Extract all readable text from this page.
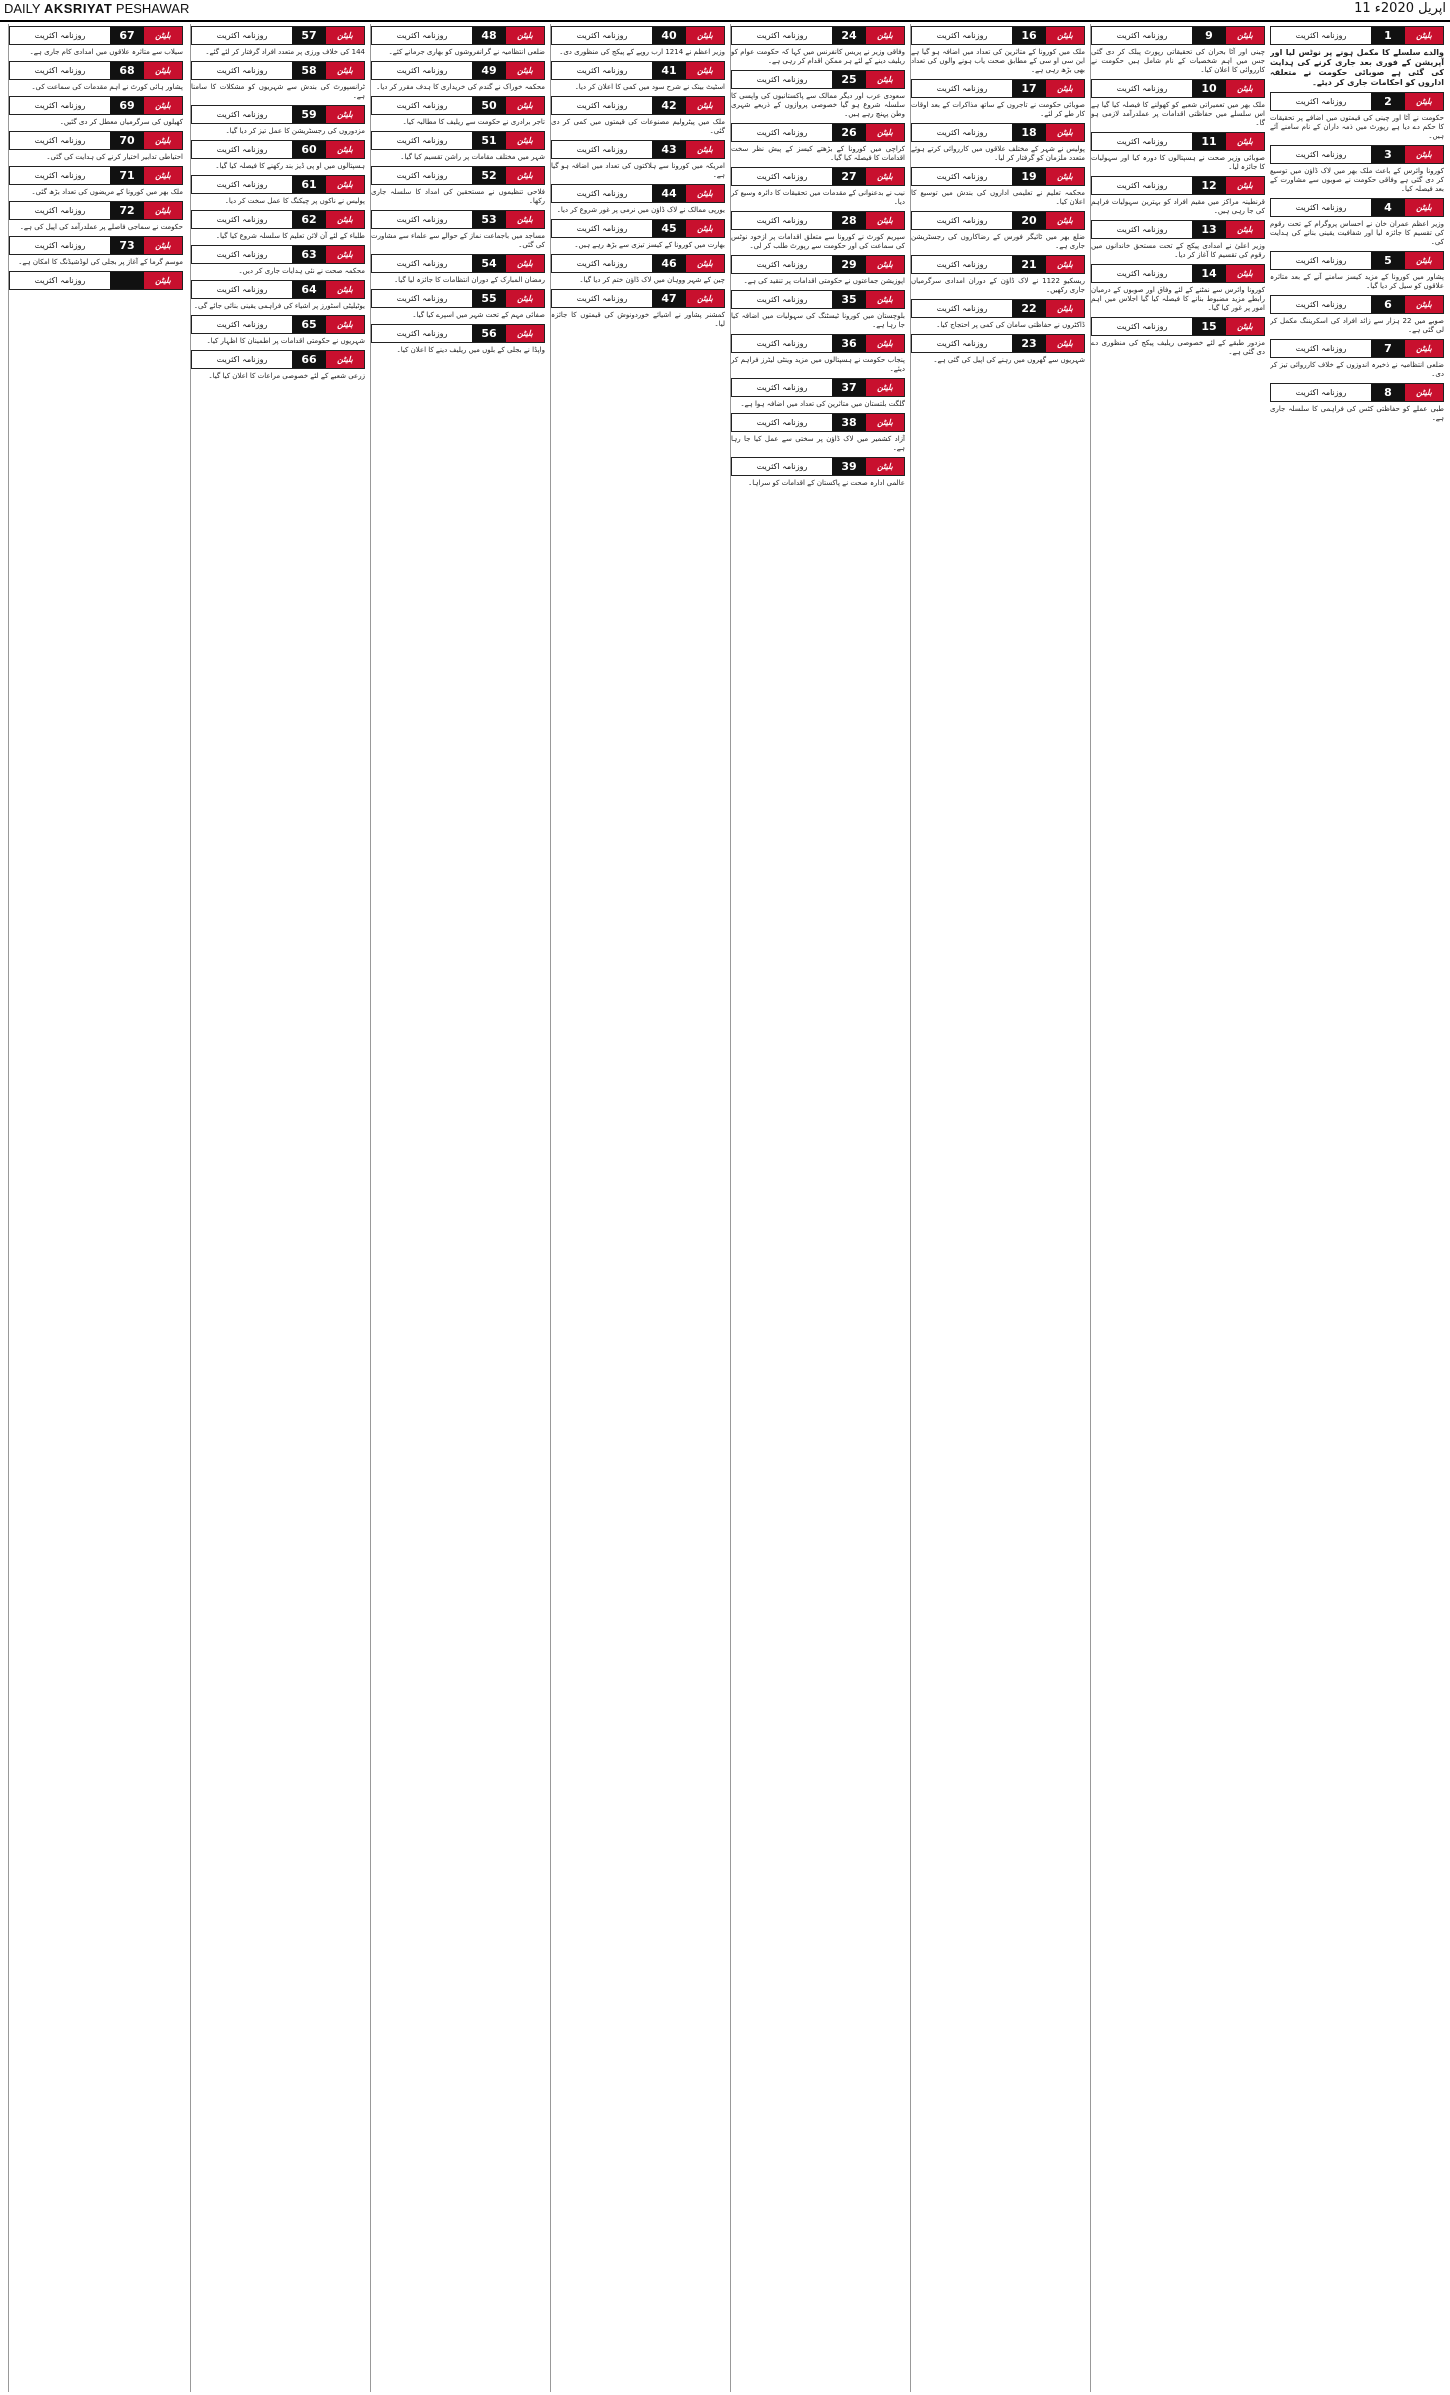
DAILY AKSRIYAT PESHAWAR	11 اپریل 2020ء
بلیٹن
1
روزنامہ اکثریت
والدے سلسلے کا مکمل ہونے پر نوٹس لیا اور آپریشن کے فوری بعد جاری کرنے کی ہدایت کی گئی ہے صوبائی حکومت نے متعلقہ اداروں کو احکامات جاری کر دیئے۔
بلیٹن
2
روزنامہ اکثریت
حکومت نے آٹا اور چینی کی قیمتوں میں اضافے پر تحقیقات کا حکم دے دیا ہے رپورٹ میں ذمہ داران کے نام سامنے آئے ہیں۔
بلیٹن
3
روزنامہ اکثریت
کورونا وائرس کے باعث ملک بھر میں لاک ڈاؤن میں توسیع کر دی گئی ہے وفاقی حکومت نے صوبوں سے مشاورت کے بعد فیصلہ کیا۔
بلیٹن
4
روزنامہ اکثریت
وزیر اعظم عمران خان نے احساس پروگرام کے تحت رقوم کی تقسیم کا جائزہ لیا اور شفافیت یقینی بنانے کی ہدایت کی۔
بلیٹن
5
روزنامہ اکثریت
پشاور میں کورونا کے مزید کیسز سامنے آنے کے بعد متاثرہ علاقوں کو سیل کر دیا گیا۔
بلیٹن
6
روزنامہ اکثریت
صوبے میں 22 ہزار سے زائد افراد کی اسکریننگ مکمل کر لی گئی ہے۔
بلیٹن
7
روزنامہ اکثریت
ضلعی انتظامیہ نے ذخیرہ اندوزوں کے خلاف کارروائی تیز کر دی۔
بلیٹن
8
روزنامہ اکثریت
طبی عملے کو حفاظتی کٹس کی فراہمی کا سلسلہ جاری ہے۔
بلیٹن
9
روزنامہ اکثریت
چینی اور آٹا بحران کی تحقیقاتی رپورٹ پبلک کر دی گئی جس میں اہم شخصیات کے نام شامل ہیں حکومت نے کارروائی کا اعلان کیا۔
بلیٹن
10
روزنامہ اکثریت
ملک بھر میں تعمیراتی شعبے کو کھولنے کا فیصلہ کیا گیا ہے اس سلسلے میں حفاظتی اقدامات پر عملدرآمد لازمی ہو گا۔
بلیٹن
11
روزنامہ اکثریت
صوبائی وزیر صحت نے ہسپتالوں کا دورہ کیا اور سہولیات کا جائزہ لیا۔
بلیٹن
12
روزنامہ اکثریت
قرنطینہ مراکز میں مقیم افراد کو بہترین سہولیات فراہم کی جا رہی ہیں۔
بلیٹن
13
روزنامہ اکثریت
وزیر اعلیٰ نے امدادی پیکج کے تحت مستحق خاندانوں میں رقوم کی تقسیم کا آغاز کر دیا۔
بلیٹن
14
روزنامہ اکثریت
کورونا وائرس سے نمٹنے کے لئے وفاق اور صوبوں کے درمیان رابطے مزید مضبوط بنانے کا فیصلہ کیا گیا اجلاس میں اہم امور پر غور کیا گیا۔
بلیٹن
15
روزنامہ اکثریت
مزدور طبقے کے لئے خصوصی ریلیف پیکج کی منظوری دے دی گئی ہے۔
بلیٹن
16
روزنامہ اکثریت
ملک میں کورونا کے متاثرین کی تعداد میں اضافہ ہو گیا ہے این سی او سی کے مطابق صحت یاب ہونے والوں کی تعداد بھی بڑھ رہی ہے۔
بلیٹن
17
روزنامہ اکثریت
صوبائی حکومت نے تاجروں کے ساتھ مذاکرات کے بعد اوقات کار طے کر لئے۔
بلیٹن
18
روزنامہ اکثریت
پولیس نے شہر کے مختلف علاقوں میں کارروائی کرتے ہوئے متعدد ملزمان کو گرفتار کر لیا۔
بلیٹن
19
روزنامہ اکثریت
محکمہ تعلیم نے تعلیمی اداروں کی بندش میں توسیع کا اعلان کیا۔
بلیٹن
20
روزنامہ اکثریت
ضلع بھر میں ٹائیگر فورس کے رضاکاروں کی رجسٹریشن جاری ہے۔
بلیٹن
21
روزنامہ اکثریت
ریسکیو 1122 نے لاک ڈاؤن کے دوران امدادی سرگرمیاں جاری رکھیں۔
بلیٹن
22
روزنامہ اکثریت
ڈاکٹروں نے حفاظتی سامان کی کمی پر احتجاج کیا۔
بلیٹن
23
روزنامہ اکثریت
شہریوں سے گھروں میں رہنے کی اپیل کی گئی ہے۔
بلیٹن
24
روزنامہ اکثریت
وفاقی وزیر نے پریس کانفرنس میں کہا کہ حکومت عوام کو ریلیف دینے کے لئے ہر ممکن اقدام کر رہی ہے۔
بلیٹن
25
روزنامہ اکثریت
سعودی عرب اور دیگر ممالک سے پاکستانیوں کی واپسی کا سلسلہ شروع ہو گیا خصوصی پروازوں کے ذریعے شہری وطن پہنچ رہے ہیں۔
بلیٹن
26
روزنامہ اکثریت
کراچی میں کورونا کے بڑھتے کیسز کے پیش نظر سخت اقدامات کا فیصلہ کیا گیا۔
بلیٹن
27
روزنامہ اکثریت
نیب نے بدعنوانی کے مقدمات میں تحقیقات کا دائرہ وسیع کر دیا۔
بلیٹن
28
روزنامہ اکثریت
سپریم کورٹ نے کورونا سے متعلق اقدامات پر ازخود نوٹس کی سماعت کی اور حکومت سے رپورٹ طلب کر لی۔
بلیٹن
29
روزنامہ اکثریت
اپوزیشن جماعتوں نے حکومتی اقدامات پر تنقید کی ہے۔
بلیٹن
35
روزنامہ اکثریت
بلوچستان میں کورونا ٹیسٹنگ کی سہولیات میں اضافہ کیا جا رہا ہے۔
بلیٹن
36
روزنامہ اکثریت
پنجاب حکومت نے ہسپتالوں میں مزید وینٹی لیٹرز فراہم کر دیئے۔
بلیٹن
37
روزنامہ اکثریت
گلگت بلتستان میں متاثرین کی تعداد میں اضافہ ہوا ہے۔
بلیٹن
38
روزنامہ اکثریت
آزاد کشمیر میں لاک ڈاؤن پر سختی سے عمل کیا جا رہا ہے۔
بلیٹن
39
روزنامہ اکثریت
عالمی ادارہ صحت نے پاکستان کے اقدامات کو سراہا۔
بلیٹن
40
روزنامہ اکثریت
وزیر اعظم نے 1214 ارب روپے کے پیکج کی منظوری دی۔
بلیٹن
41
روزنامہ اکثریت
اسٹیٹ بینک نے شرح سود میں کمی کا اعلان کر دیا۔
بلیٹن
42
روزنامہ اکثریت
ملک میں پیٹرولیم مصنوعات کی قیمتوں میں کمی کر دی گئی۔
بلیٹن
43
روزنامہ اکثریت
امریکہ میں کورونا سے ہلاکتوں کی تعداد میں اضافہ ہو گیا ہے۔
بلیٹن
44
روزنامہ اکثریت
یورپی ممالک نے لاک ڈاؤن میں نرمی پر غور شروع کر دیا۔
بلیٹن
45
روزنامہ اکثریت
بھارت میں کورونا کے کیسز تیزی سے بڑھ رہے ہیں۔
بلیٹن
46
روزنامہ اکثریت
چین کے شہر ووہان میں لاک ڈاؤن ختم کر دیا گیا۔
بلیٹن
47
روزنامہ اکثریت
کمشنر پشاور نے اشیائے خوردونوش کی قیمتوں کا جائزہ لیا۔
بلیٹن
48
روزنامہ اکثریت
ضلعی انتظامیہ نے گرانفروشوں کو بھاری جرمانے کئے۔
بلیٹن
49
روزنامہ اکثریت
محکمہ خوراک نے گندم کی خریداری کا ہدف مقرر کر دیا۔
بلیٹن
50
روزنامہ اکثریت
تاجر برادری نے حکومت سے ریلیف کا مطالبہ کیا۔
بلیٹن
51
روزنامہ اکثریت
شہر میں مختلف مقامات پر راشن تقسیم کیا گیا۔
بلیٹن
52
روزنامہ اکثریت
فلاحی تنظیموں نے مستحقین کی امداد کا سلسلہ جاری رکھا۔
بلیٹن
53
روزنامہ اکثریت
مساجد میں باجماعت نماز کے حوالے سے علماء سے مشاورت کی گئی۔
بلیٹن
54
روزنامہ اکثریت
رمضان المبارک کے دوران انتظامات کا جائزہ لیا گیا۔
بلیٹن
55
روزنامہ اکثریت
صفائی مہم کے تحت شہر میں اسپرے کیا گیا۔
بلیٹن
56
روزنامہ اکثریت
واپڈا نے بجلی کے بلوں میں ریلیف دینے کا اعلان کیا۔
بلیٹن
57
روزنامہ اکثریت
144 کی خلاف ورزی پر متعدد افراد گرفتار کر لئے گئے۔
بلیٹن
58
روزنامہ اکثریت
ٹرانسپورٹ کی بندش سے شہریوں کو مشکلات کا سامنا ہے۔
بلیٹن
59
روزنامہ اکثریت
مزدوروں کی رجسٹریشن کا عمل تیز کر دیا گیا۔
بلیٹن
60
روزنامہ اکثریت
ہسپتالوں میں او پی ڈیز بند رکھنے کا فیصلہ کیا گیا۔
بلیٹن
61
روزنامہ اکثریت
پولیس نے ناکوں پر چیکنگ کا عمل سخت کر دیا۔
بلیٹن
62
روزنامہ اکثریت
طلباء کے لئے آن لائن تعلیم کا سلسلہ شروع کیا گیا۔
بلیٹن
63
روزنامہ اکثریت
محکمہ صحت نے نئی ہدایات جاری کر دیں۔
بلیٹن
64
روزنامہ اکثریت
یوٹیلیٹی اسٹورز پر اشیاء کی فراہمی یقینی بنائی جائے گی۔
بلیٹن
65
روزنامہ اکثریت
شہریوں نے حکومتی اقدامات پر اطمینان کا اظہار کیا۔
بلیٹن
66
روزنامہ اکثریت
زرعی شعبے کے لئے خصوصی مراعات کا اعلان کیا گیا۔
بلیٹن
67
روزنامہ اکثریت
سیلاب سے متاثرہ علاقوں میں امدادی کام جاری ہے۔
بلیٹن
68
روزنامہ اکثریت
پشاور ہائی کورٹ نے اہم مقدمات کی سماعت کی۔
بلیٹن
69
روزنامہ اکثریت
کھیلوں کی سرگرمیاں معطل کر دی گئیں۔
بلیٹن
70
روزنامہ اکثریت
احتیاطی تدابیر اختیار کرنے کی ہدایت کی گئی۔
بلیٹن
71
روزنامہ اکثریت
ملک بھر میں کورونا کے مریضوں کی تعداد بڑھ گئی۔
بلیٹن
72
روزنامہ اکثریت
حکومت نے سماجی فاصلے پر عملدرآمد کی اپیل کی ہے۔
بلیٹن
73
روزنامہ اکثریت
موسم گرما کے آغاز پر بجلی کی لوڈشیڈنگ کا امکان ہے۔
بلیٹن
روزنامہ اکثریت
